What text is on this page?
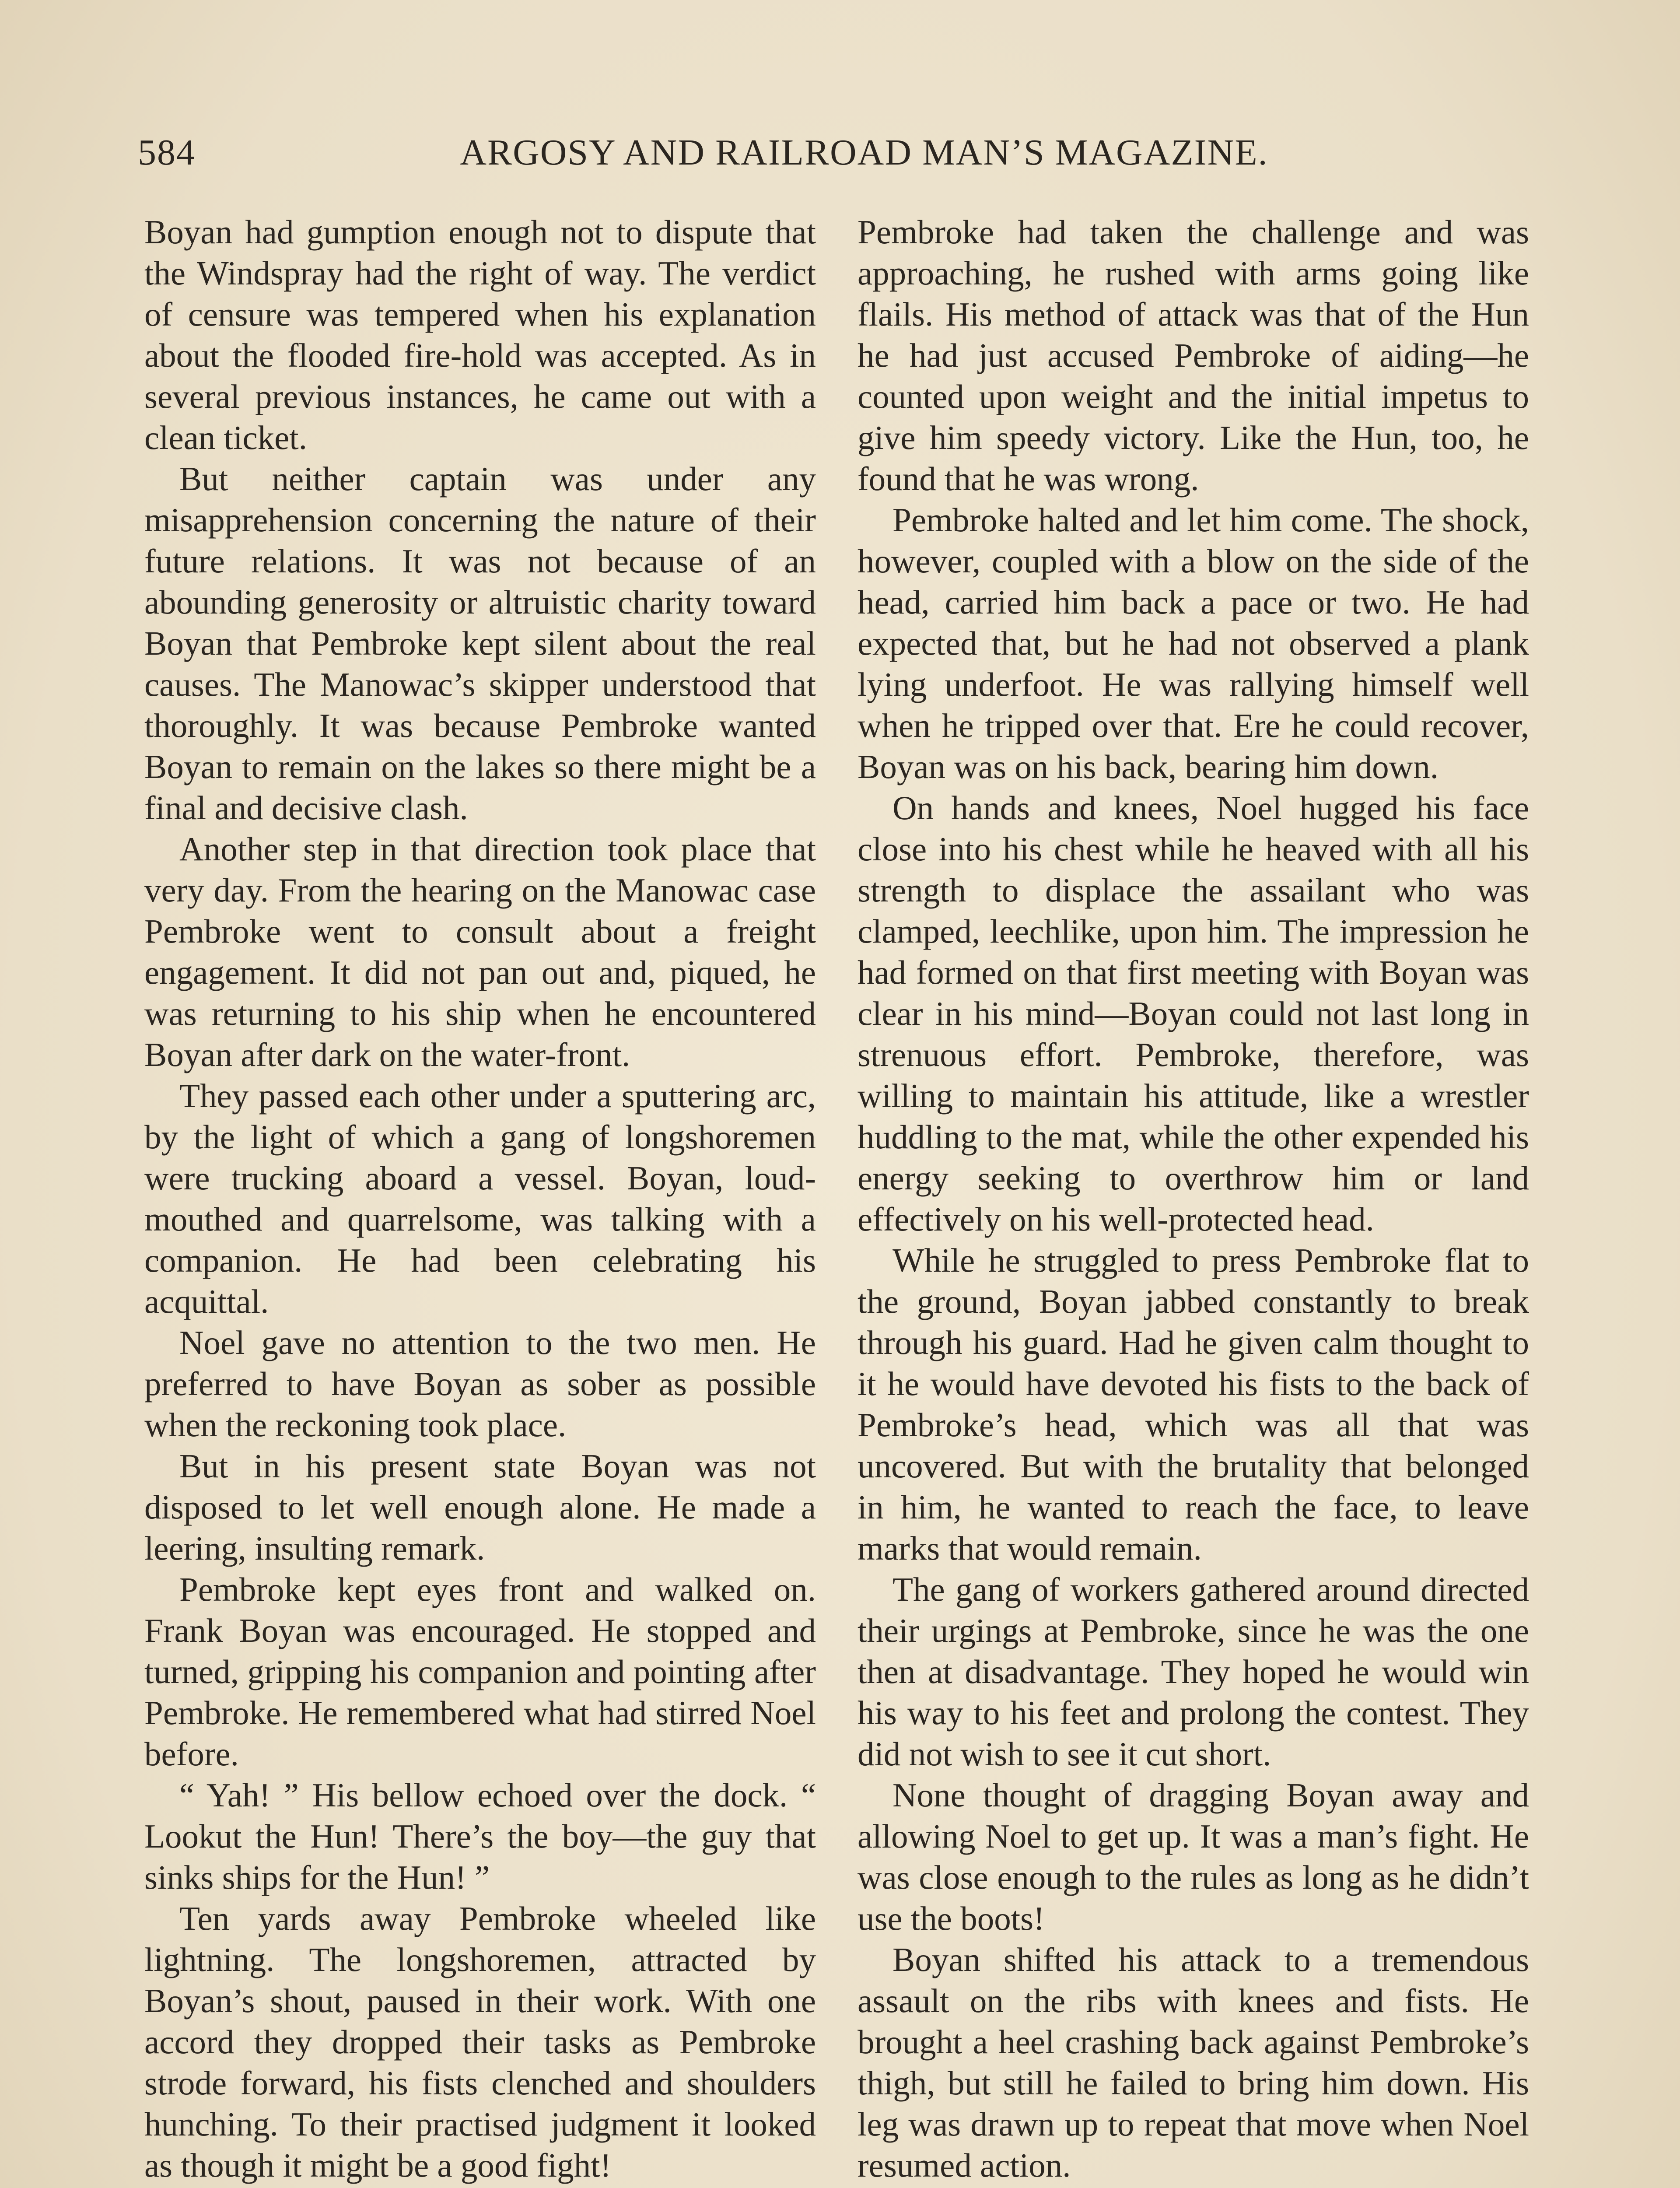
584	ARGOSY AND RAILROAD MAN’S MAGAZINE.

Boyan had gumption enough not to dispute that the Windspray had the right of way. The verdict of censure was tempered when his explanation about the flooded fire-hold was accepted. As in several previous instances, he came out with a clean ticket.

But neither captain was under any misapprehension concerning the nature of their future relations. It was not because of an abounding generosity or altruistic charity toward Boyan that Pembroke kept silent about the real causes. The Manowac’s skipper understood that thoroughly. It was because Pembroke wanted Boyan to remain on the lakes so there might be a final and decisive clash.

Another step in that direction took place that very day. From the hearing on the Manowac case Pembroke went to consult about a freight engagement. It did not pan out and, piqued, he was returning to his ship when he encountered Boyan after dark on the water-front.

They passed each other under a sputtering arc, by the light of which a gang of longshoremen were trucking aboard a vessel. Boyan, loud-mouthed and quarrelsome, was talking with a companion. He had been celebrating his acquittal.

Noel gave no attention to the two men. He preferred to have Boyan as sober as possible when the reckoning took place.

But in his present state Boyan was not disposed to let well enough alone. He made a leering, insulting remark.

Pembroke kept eyes front and walked on. Frank Boyan was encouraged. He stopped and turned, gripping his companion and pointing after Pembroke. He remembered what had stirred Noel before.

“ Yah! ” His bellow echoed over the dock. “ Lookut the Hun! There’s the boy—the guy that sinks ships for the Hun! ”

Ten yards away Pembroke wheeled like lightning. The longshoremen, attracted by Boyan’s shout, paused in their work. With one accord they dropped their tasks as Pembroke strode forward, his fists clenched and shoulders hunching. To their practised judgment it looked as though it might be a good fight!

Pembroke had taken the challenge and was approaching, he rushed with arms going like flails. His method of attack was that of the Hun he had just accused Pembroke of aiding—he counted upon weight and the initial impetus to give him speedy victory. Like the Hun, too, he found that he was wrong.

Pembroke halted and let him come. The shock, however, coupled with a blow on the side of the head, carried him back a pace or two. He had expected that, but he had not observed a plank lying underfoot. He was rallying himself well when he tripped over that. Ere he could recover, Boyan was on his back, bearing him down.

On hands and knees, Noel hugged his face close into his chest while he heaved with all his strength to displace the assailant who was clamped, leechlike, upon him. The impression he had formed on that first meeting with Boyan was clear in his mind—Boyan could not last long in strenuous effort. Pembroke, therefore, was willing to maintain his attitude, like a wrestler huddling to the mat, while the other expended his energy seeking to overthrow him or land effectively on his well-protected head.

While he struggled to press Pembroke flat to the ground, Boyan jabbed constantly to break through his guard. Had he given calm thought to it he would have devoted his fists to the back of Pembroke’s head, which was all that was uncovered. But with the brutality that belonged in him, he wanted to reach the face, to leave marks that would remain.

The gang of workers gathered around directed their urgings at Pembroke, since he was the one then at disadvantage. They hoped he would win his way to his feet and prolong the contest. They did not wish to see it cut short.

None thought of dragging Boyan away and allowing Noel to get up. It was a man’s fight. He was close enough to the rules as long as he didn’t use the boots!

Boyan shifted his attack to a tremendous assault on the ribs with knees and fists. He brought a heel crashing back against Pembroke’s thigh, but still he failed to bring him down. His leg was drawn up to repeat that move when Noel resumed action.
